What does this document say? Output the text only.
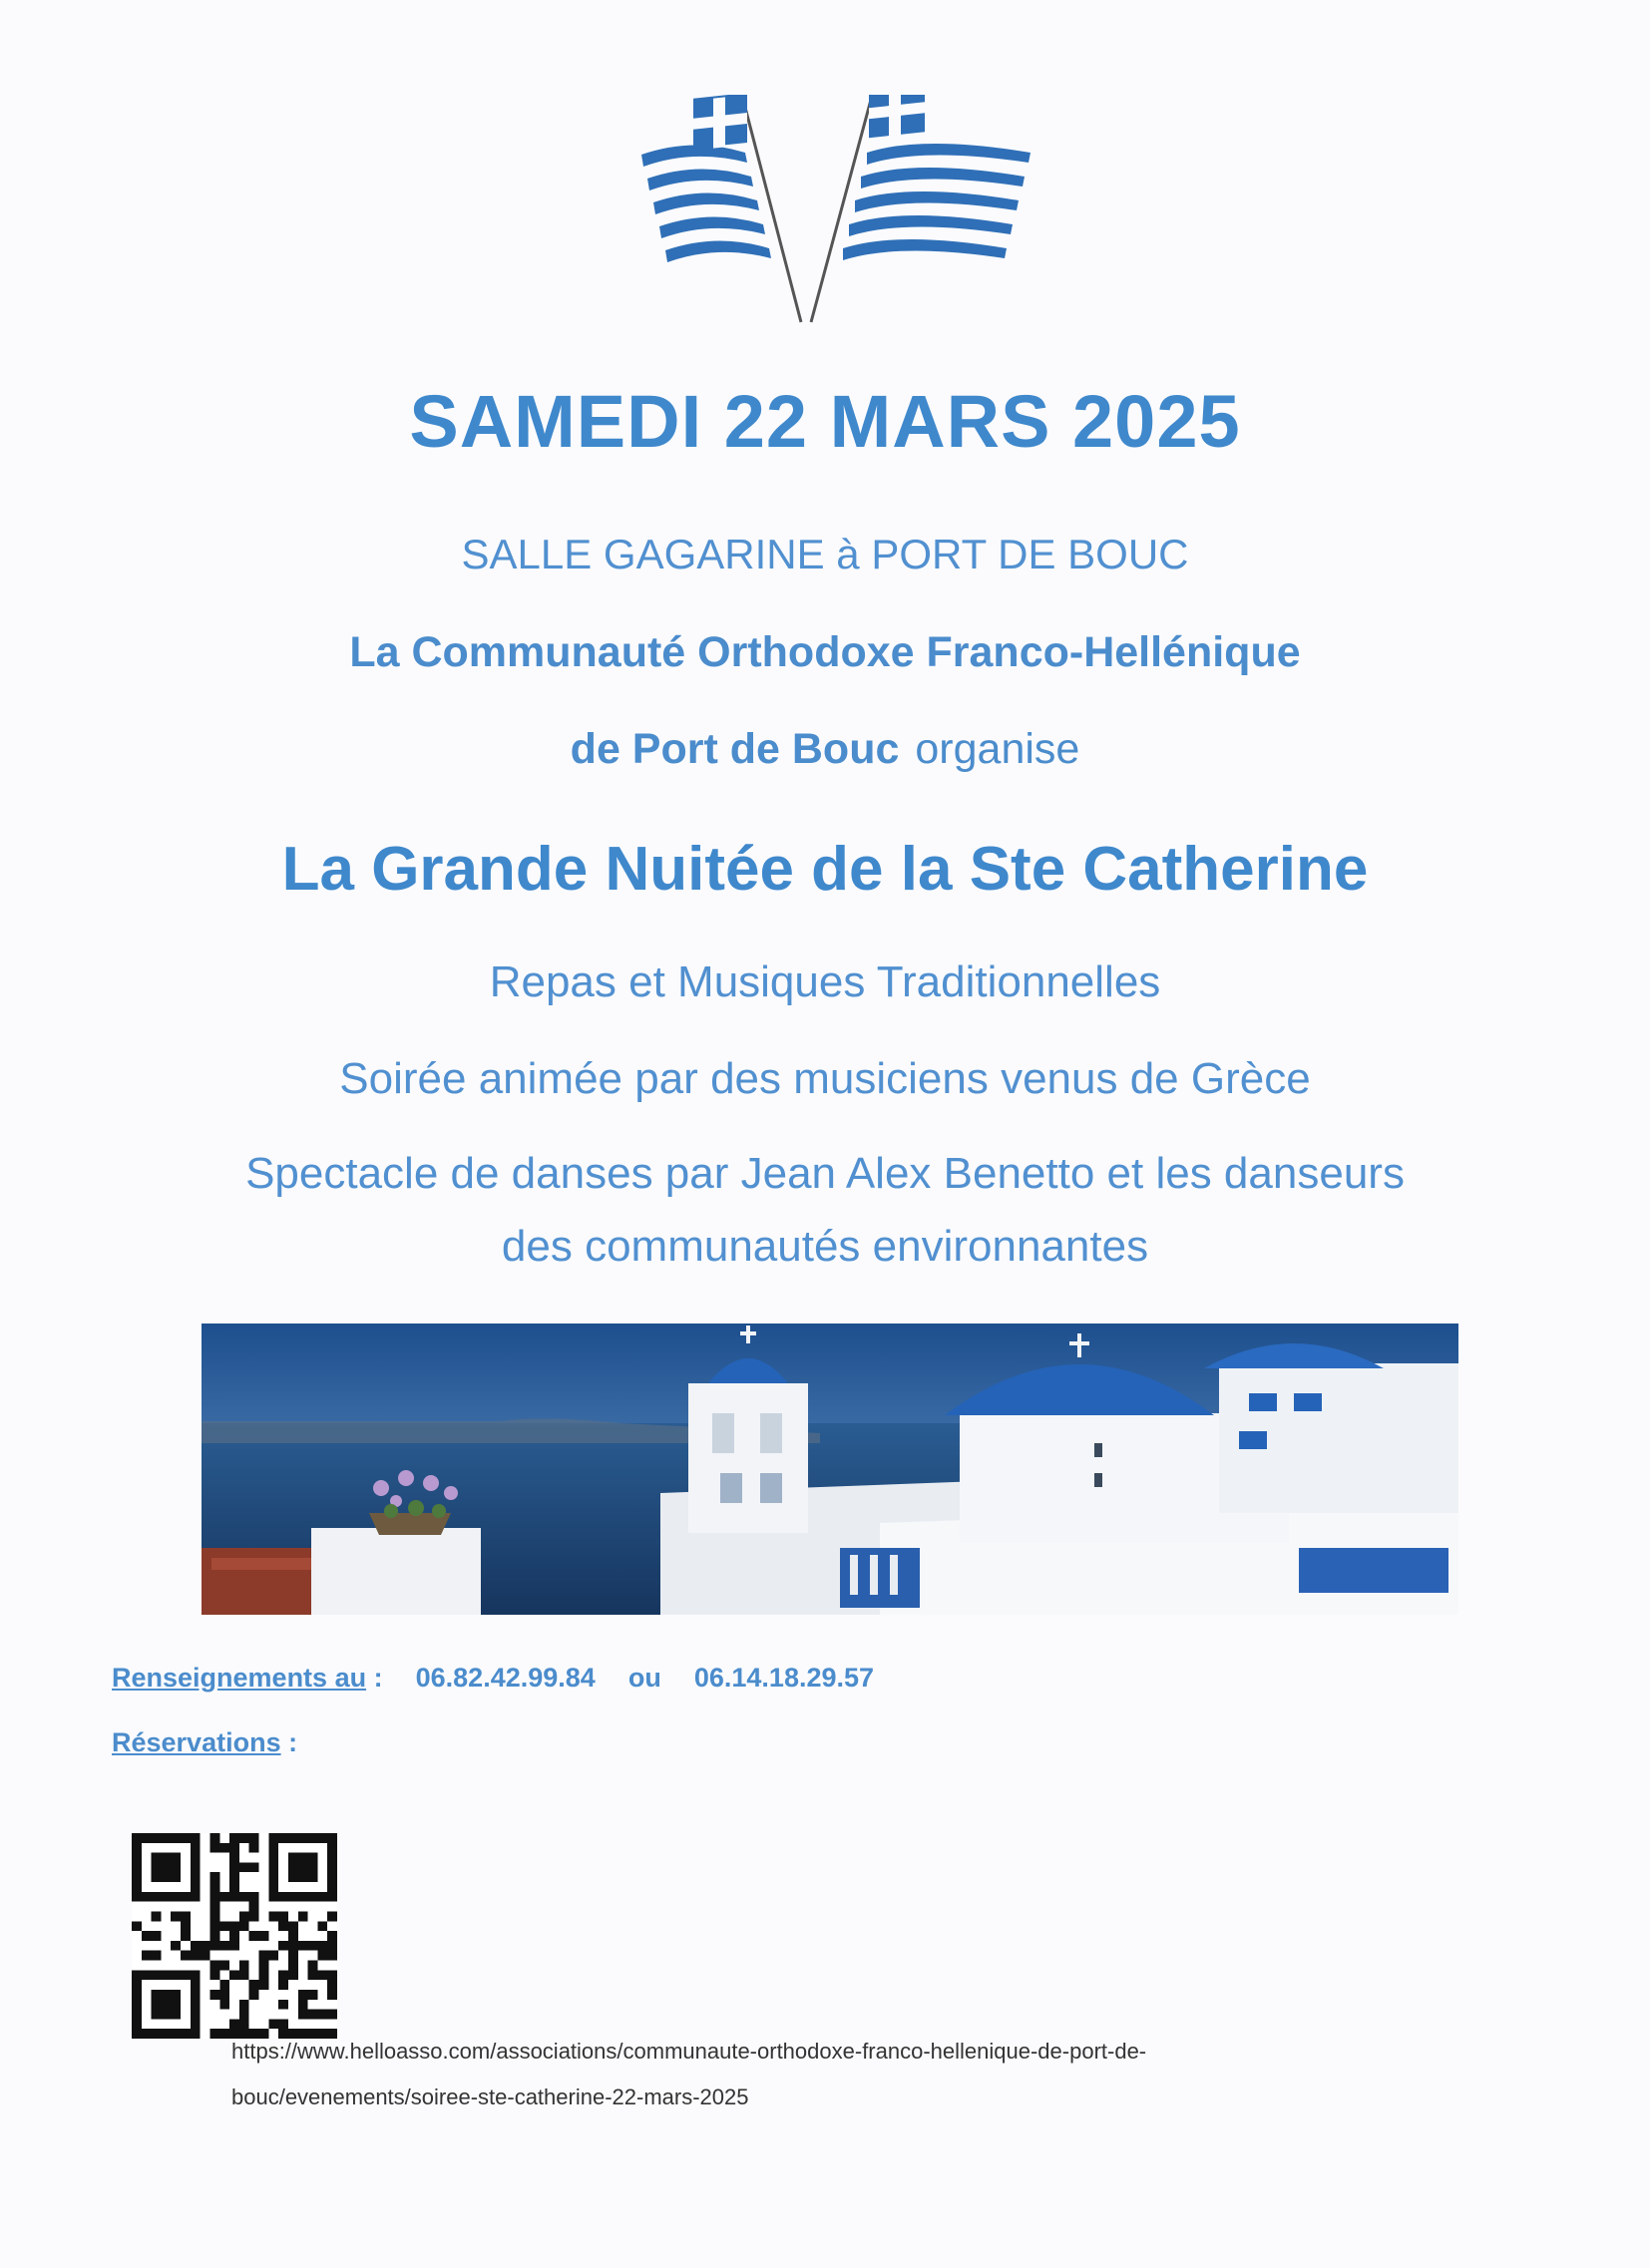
SAMEDI 22 MARS 2025
SALLE GAGARINE à PORT DE BOUC
La Communauté Orthodoxe Franco-Hellénique
de Port de Bouc organise
La Grande Nuitée de la Ste Catherine
Repas et Musiques Traditionnelles
Soirée animée par des musiciens venus de Grèce
Spectacle de danses par Jean Alex Benetto et les danseurs
des communautés environnantes
Renseignements au : 06.82.42.99.84 ou 06.14.18.29.57
Réservations :
https://www.helloasso.com/associations/communaute-orthodoxe-franco-hellenique-de-port-de-
bouc/evenements/soiree-ste-catherine-22-mars-2025
